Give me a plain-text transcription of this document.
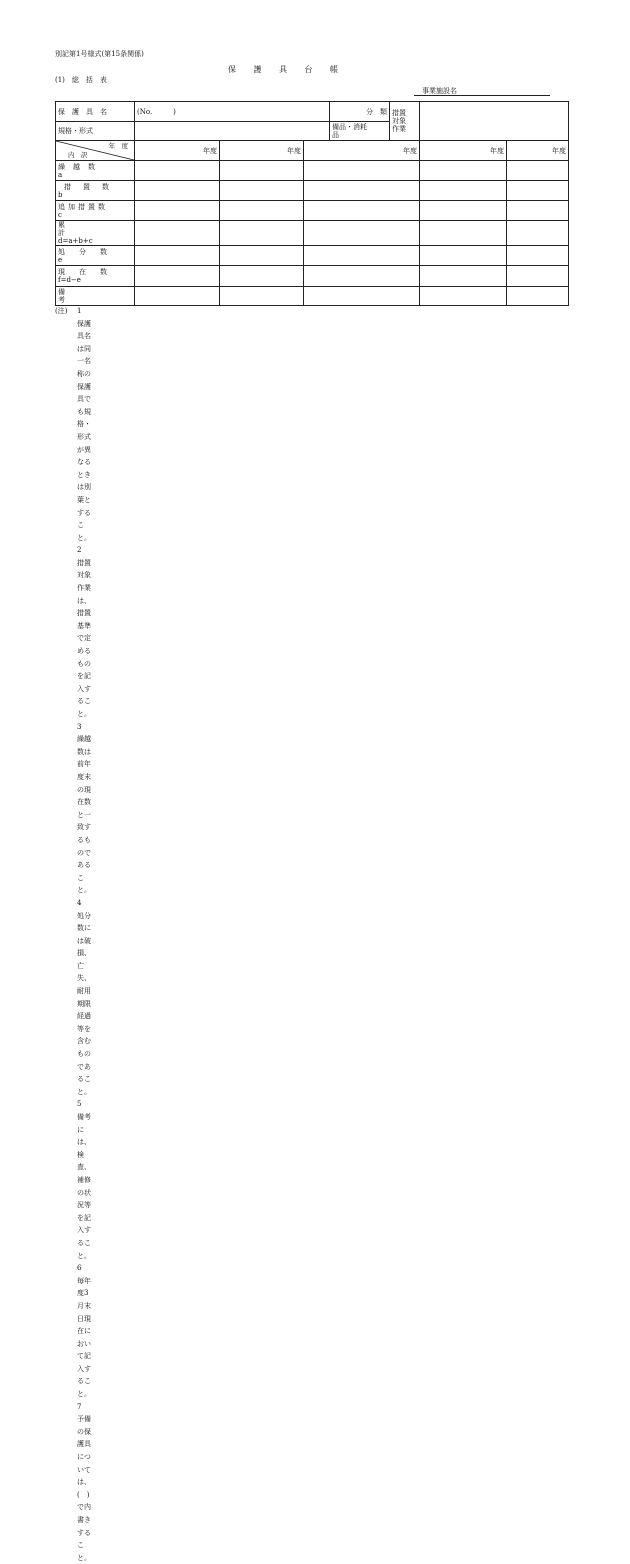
別記第1号様式(第15条関係)
保　　護　　具　　台　　帳
(1)　総　括　表
事業施設名
保　護　具　名	(No.　　　)			分　類	措置対象作業		

規格・形式				備品・消耗品			

年　度
内　訳	年度	年度	年度			年度	年度

繰越数
a							

措置数
b							

追加措置数
c							

累計
d=a+b+c							

処分数
e							

現在数
f=d−e							

備考							

(注) 1保護具名は同一名称の保護具でも規格・形式が異なるときは別葉とすること。
2措置対象作業は、措置基準で定めるものを記入すること。
3繰越数は前年度末の現在数と一致するものであること。
4処分数には破損、亡失、耐用期限経過等を含むものであること。
5備考には、検査、補修の状況等を記入すること。
6毎年度3月末日現在において記入すること。
7予備の保護具については、(　)で内書きすること。
